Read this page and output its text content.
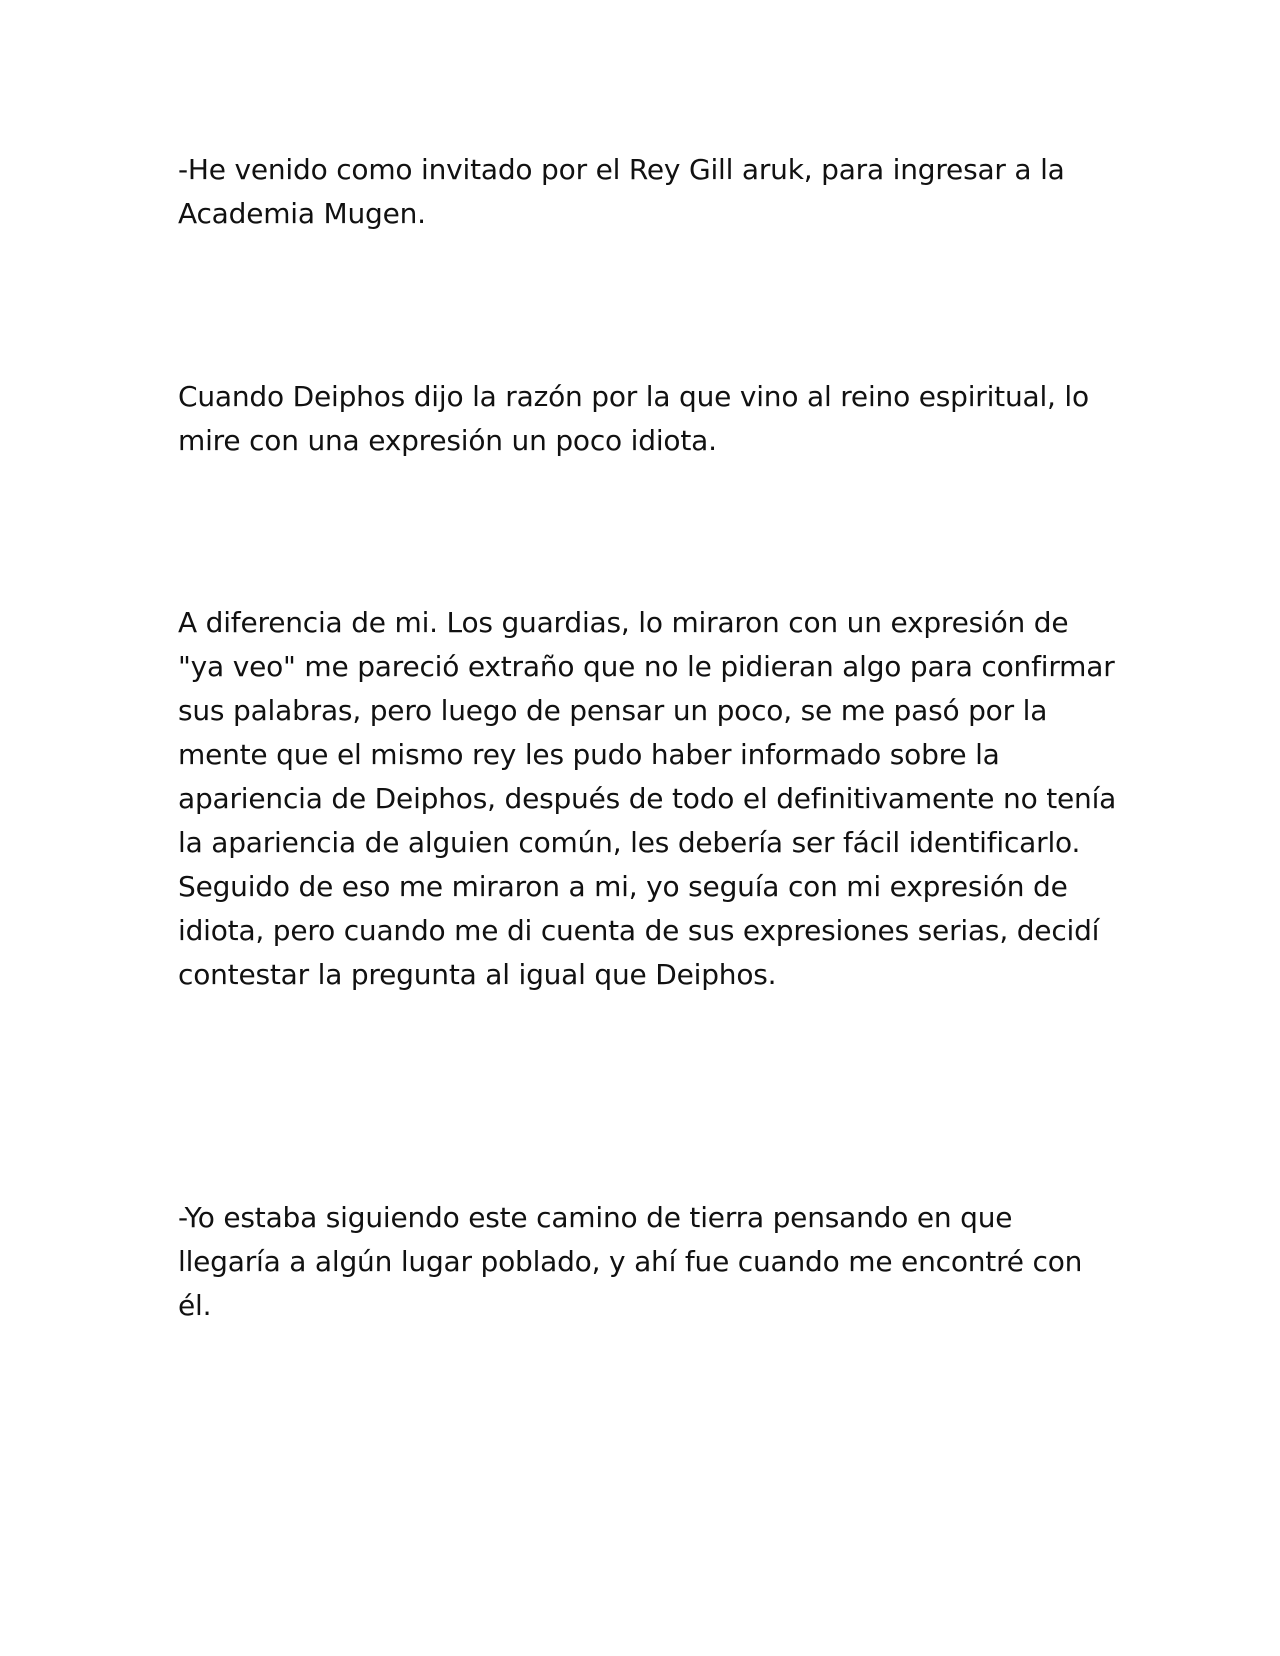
-He venido como invitado por el Rey Gill aruk, para ingresar a la Academia Mugen.

Cuando Deiphos dijo la razón por la que vino al reino espiritual, lo mire con una expresión un poco idiota.

A diferencia de mi. Los guardias, lo miraron con un expresión de "ya veo" me pareció extraño que no le pidieran algo para confirmar sus palabras, pero luego de pensar un poco, se me pasó por la mente que el mismo rey les pudo haber informado sobre la apariencia de Deiphos, después de todo el definitivamente no tenía la apariencia de alguien común, les debería ser fácil identificarlo. Seguido de eso me miraron a mi, yo seguía con mi expresión de idiota, pero cuando me di cuenta de sus expresiones serias, decidí contestar la pregunta al igual que Deiphos.

-Yo estaba siguiendo este camino de tierra pensando en que llegaría a algún lugar poblado, y ahí fue cuando me encontré con él.
